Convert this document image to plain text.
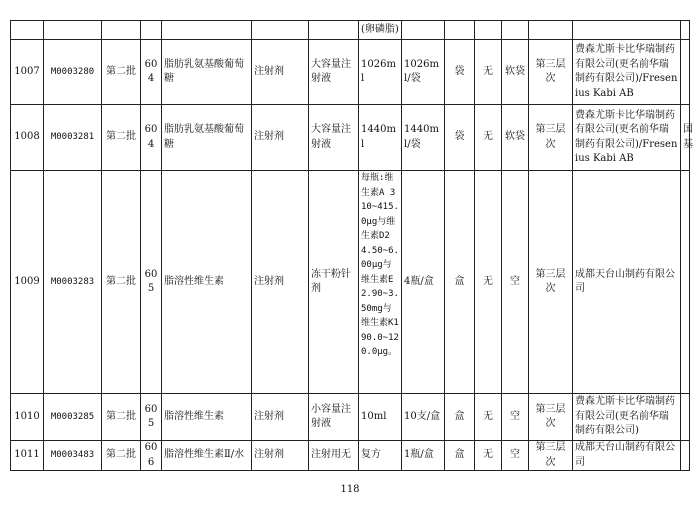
							(卵磷脂)							
1007	M0003280	第二批	604	脂肪乳氨基酸葡萄糖	注射剂	大容量注射液	1026ml	1026ml/袋	袋	无	软袋	第三层次	费森尤斯卡比华瑞制药有限公司(更名前华瑞制药有限公司)/Fresenius Kabi AB	
1008	M0003281	第二批	604	脂肪乳氨基酸葡萄糖	注射剂	大容量注射液	1440ml	1440ml/袋	袋	无	软袋	第三层次	费森尤斯卡比华瑞制药有限公司(更名前华瑞制药有限公司)/Fresenius Kabi AB	国基
1009	M0003283	第二批	605	脂溶性维生素	注射剂	冻干粉针剂	每瓶:维生素A 310~415.0μg与维生素D2 4.50~6.00μg与维生素E 2.90~3.50mg与维生素K1 90.0~120.0μg。	4瓶/盒	盒	无	空	第三层次	成都天台山制药有限公司	
1010	M0003285	第二批	605	脂溶性维生素	注射剂	小容量注射液	10ml	10支/盒	盒	无	空	第三层次	费森尤斯卡比华瑞制药有限公司(更名前华瑞制药有限公司)	
1011	M0003483	第二批	606	脂溶性维生素Ⅱ/水	注射剂	注射用无	复方	1瓶/盒	盒	无	空	第三层次	成都天台山制药有限公司	
118
